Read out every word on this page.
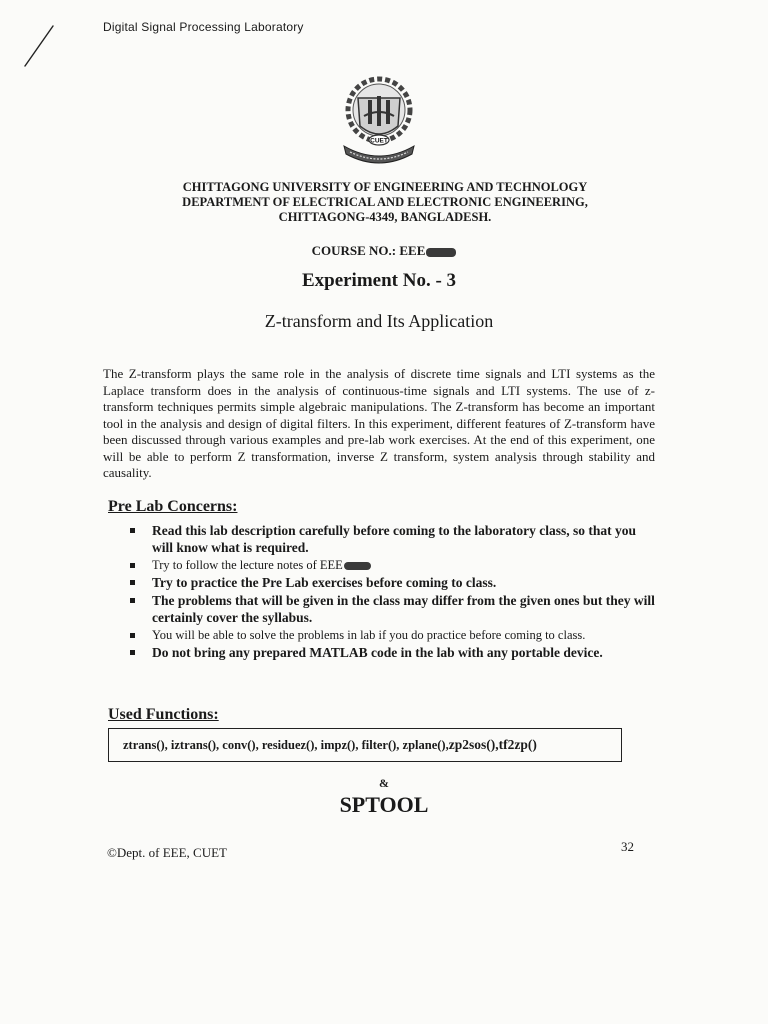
Digital Signal Processing Laboratory
CUET
CHITTAGONG UNIVERSITY OF ENGINEERING AND TECHNOLOGY
DEPARTMENT OF ELECTRICAL AND ELECTRONIC ENGINEERING,
CHITTAGONG-4349, BANGLADESH.
COURSE NO.: EEE
Experiment No. - 3
Z-transform and Its Application
The Z-transform plays the same role in the analysis of discrete time signals and LTI systems as the Laplace transform does in the analysis of continuous-time signals and LTI systems. The use of z-transform techniques permits simple algebraic manipulations. The Z-transform has become an important tool in the analysis and design of digital filters. In this experiment, different features of Z-transform have been discussed through various examples and pre-lab work exercises. At the end of this experiment, one will be able to perform Z transformation, inverse Z transform, system analysis through stability and causality.
Pre Lab Concerns:
Read this lab description carefully before coming to the laboratory class, so that you will know what is required.
Try to follow the lecture notes of EEE
Try to practice the Pre Lab exercises before coming to class.
The problems that will be given in the class may differ from the given ones but they will certainly cover the syllabus.
You will be able to solve the problems in lab if you do practice before coming to class.
Do not bring any prepared MATLAB code in the lab with any portable device.
Used Functions:
ztrans(), iztrans(), conv(), residuez(), impz(), filter(), zplane(), zp2sos(),tf2zp()
&
SPTOOL
©Dept. of EEE, CUET	32
